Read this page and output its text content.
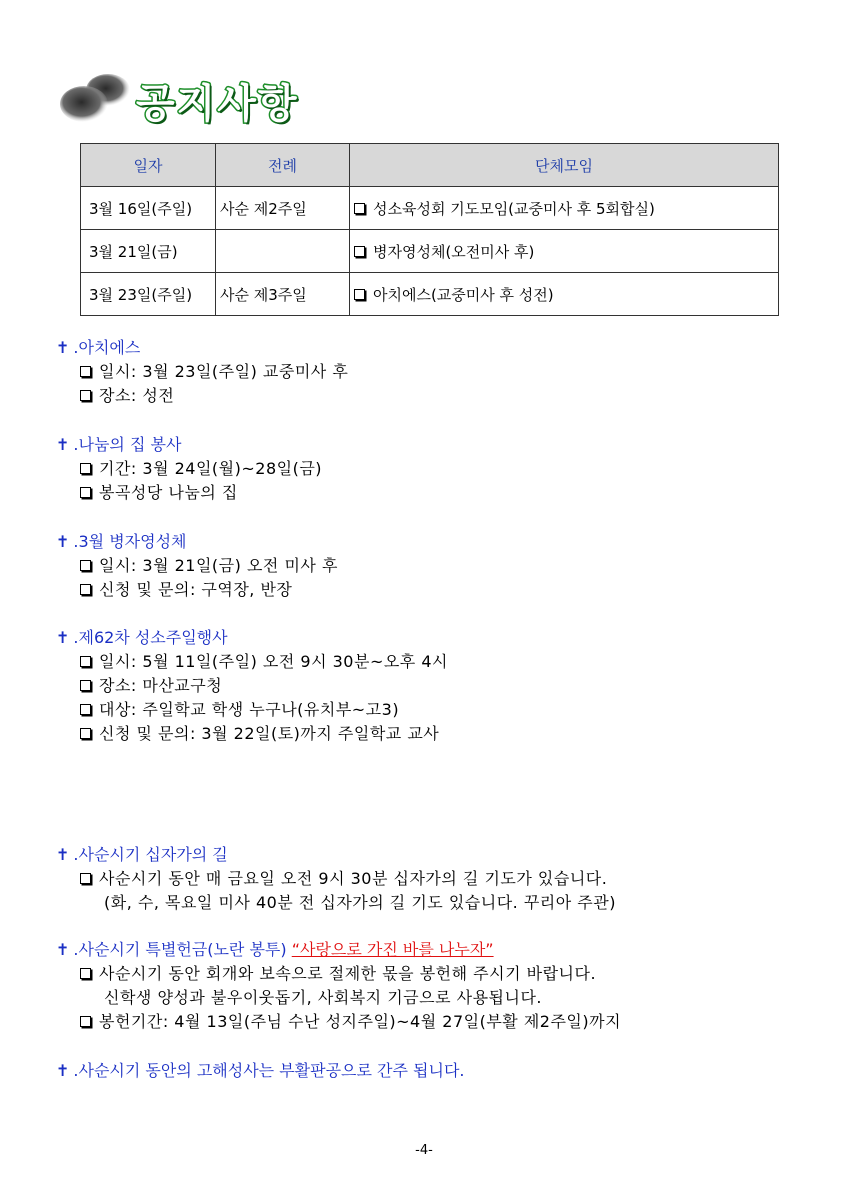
공지사항
일자	전례	단체모임
3월 16일(주일)	사순 제2주일	성소육성회 기도모임(교중미사 후 5회합실)
3월 21일(금)		병자영성체(오전미사 후)
3월 23일(주일)	사순 제3주일	아치에스(교중미사 후 성전)
✝ .아치에스
일시: 3월 23일(주일) 교중미사 후
장소: 성전
✝ .나눔의 집 봉사
기간: 3월 24일(월)~28일(금)
봉곡성당 나눔의 집
✝ .3월 병자영성체
일시: 3월 21일(금) 오전 미사 후
신청 및 문의: 구역장, 반장
✝ .제62차 성소주일행사
일시: 5월 11일(주일) 오전 9시 30분~오후 4시
장소: 마산교구청
대상: 주일학교 학생 누구나(유치부~고3)
신청 및 문의: 3월 22일(토)까지 주일학교 교사
✝ .사순시기 십자가의 길
사순시기 동안 매 금요일 오전 9시 30분 십자가의 길 기도가 있습니다.
(화, 수, 목요일 미사 40분 전 십자가의 길 기도 있습니다. 꾸리아 주관)
✝ .사순시기 특별헌금(노란 봉투) “사랑으로 가진 바를 나누자”
사순시기 동안 회개와 보속으로 절제한 몫을 봉헌해 주시기 바랍니다.
신학생 양성과 불우이웃돕기, 사회복지 기금으로 사용됩니다.
봉헌기간: 4월 13일(주님 수난 성지주일)~4월 27일(부활 제2주일)까지
✝ .사순시기 동안의 고해성사는 부활판공으로 간주 됩니다.
-4-
